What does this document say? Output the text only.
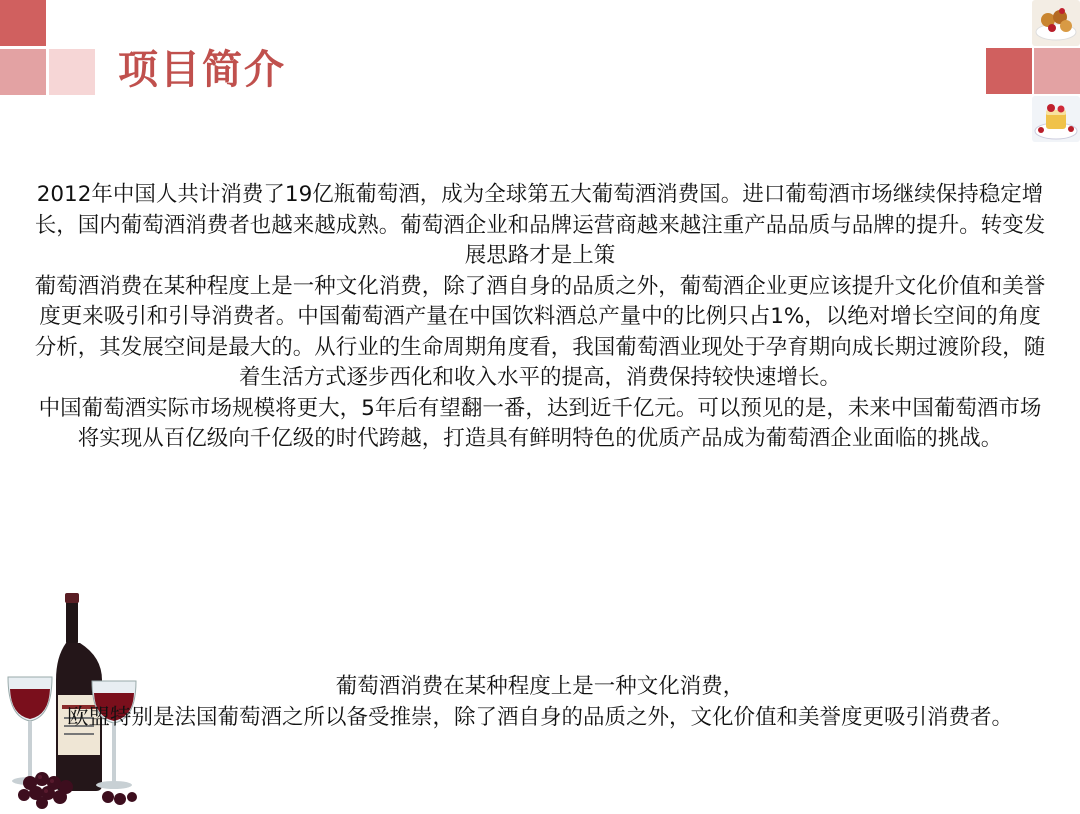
项目简介

2012年中国人共计消费了19亿瓶葡萄酒，成为全球第五大葡萄酒消费国。进口葡萄酒市场继续保持稳定增长，国内葡萄酒消费者也越来越成熟。葡萄酒企业和品牌运营商越来越注重产品品质与品牌的提升。转变发展思路才是上策

葡萄酒消费在某种程度上是一种文化消费，除了酒自身的品质之外，葡萄酒企业更应该提升文化价值和美誉度更来吸引和引导消费者。中国葡萄酒产量在中国饮料酒总产量中的比例只占1%，以绝对增长空间的角度分析，其发展空间是最大的。从行业的生命周期角度看，我国葡萄酒业现处于孕育期向成长期过渡阶段，随着生活方式逐步西化和收入水平的提高，消费保持较快速增长。

中国葡萄酒实际市场规模将更大，5年后有望翻一番，达到近千亿元。可以预见的是，未来中国葡萄酒市场将实现从百亿级向千亿级的时代跨越，打造具有鲜明特色的优质产品成为葡萄酒企业面临的挑战。

葡萄酒消费在某种程度上是一种文化消费，

欧盟特别是法国葡萄酒之所以备受推崇，除了酒自身的品质之外，文化价值和美誉度更吸引消费者。
